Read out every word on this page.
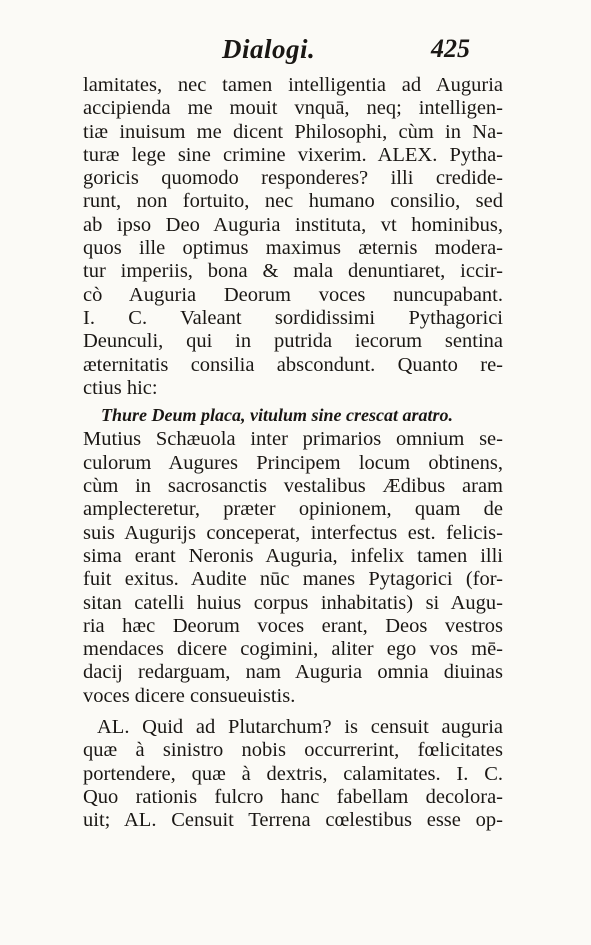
Dialogi.	425
lamitates, nec tamen intelligentia ad Auguria
accipienda me mouit vnquā, neq; intelligen-
tiæ inuisum me dicent Philosophi, cùm in Na-
turæ lege sine crimine vixerim. ALEX. Pytha-
goricis quomodo responderes? illi credide-
runt, non fortuito, nec humano consilio, sed
ab ipso Deo Auguria instituta, vt hominibus,
quos ille optimus maximus æternis modera-
tur imperiis, bona & mala denuntiaret, iccir-
cò Auguria Deorum voces nuncupabant.
I. C. Valeant sordidissimi Pythagorici
Deunculi, qui in putrida iecorum sentina
æternitatis consilia abscondunt. Quanto re-
ctius hic:
Thure Deum placa, vitulum sine crescat aratro.
Mutius Schæuola inter primarios omnium se-
culorum Augures Principem locum obtinens,
cùm in sacrosanctis vestalibus Ædibus aram
amplecteretur, præter opinionem, quam de
suis Augurijs conceperat, interfectus est. felicis-
sima erant Neronis Auguria, infelix tamen illi
fuit exitus. Audite nūc manes Pytagorici (for-
sitan catelli huius corpus inhabitatis) si Augu-
ria hæc Deorum voces erant, Deos vestros
mendaces dicere cogimini, aliter ego vos mē-
dacij redarguam, nam Auguria omnia diuinas
voces dicere consueuistis.
AL. Quid ad Plutarchum? is censuit auguria
quæ à sinistro nobis occurrerint, fœlicitates
portendere, quæ à dextris, calamitates. I. C.
Quo rationis fulcro hanc fabellam decolora-
uit; AL. Censuit Terrena cœlestibus esse op-
